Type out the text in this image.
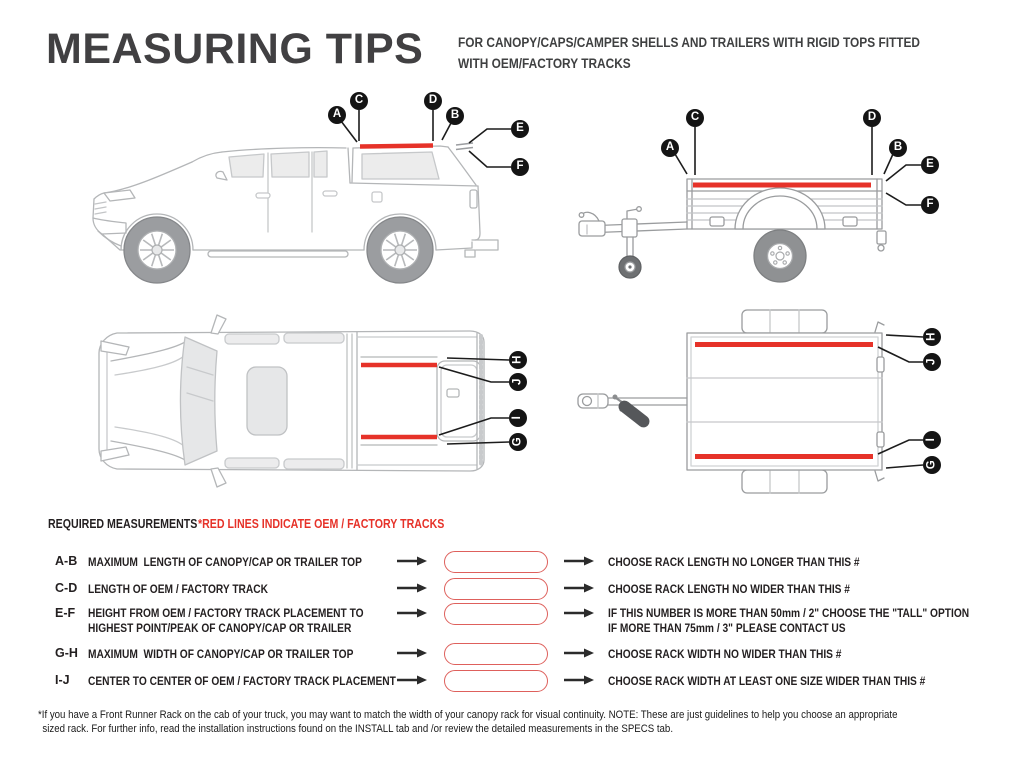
MEASURING TIPS	FOR CANOPY/CAPS/CAMPER SHELLS AND TRAILERS WITH RIGID TOPS FITTED
WITH OEM/FACTORY TRACKS
A
C	D
B
E
F
C
A
D
B
E
F
H
J
I
G
H
J
I
G
REQUIRED MEASUREMENTS *RED LINES INDICATE OEM / FACTORY TRACKS
A-B MAXIMUM  LENGTH OF CANOPY/CAP OR TRAILER TOP	CHOOSE RACK LENGTH NO LONGER THAN THIS #
C-D LENGTH OF OEM / FACTORY TRACK	CHOOSE RACK LENGTH NO WIDER THAN THIS #
E-F HEIGHT FROM OEM / FACTORY TRACK PLACEMENT TO
HIGHEST POINT/PEAK OF CANOPY/CAP OR TRAILER
IF THIS NUMBER IS MORE THAN 50mm / 2" CHOOSE THE "TALL" OPTION
IF MORE THAN 75mm / 3" PLEASE CONTACT US
G-H MAXIMUM  WIDTH OF CANOPY/CAP OR TRAILER TOP	CHOOSE RACK WIDTH NO WIDER THAN THIS #
I-J CENTER TO CENTER OF OEM / FACTORY TRACK PLACEMENT	CHOOSE RACK WIDTH AT LEAST ONE SIZE WIDER THAN THIS #
*If you have a Front Runner Rack on the cab of your truck, you may want to match the width of your canopy rack for visual continuity. NOTE: These are just guidelines to help you choose an appropriate
sized rack. For further info, read the installation instructions found on the INSTALL tab and /or review the detailed measurements in the SPECS tab.
